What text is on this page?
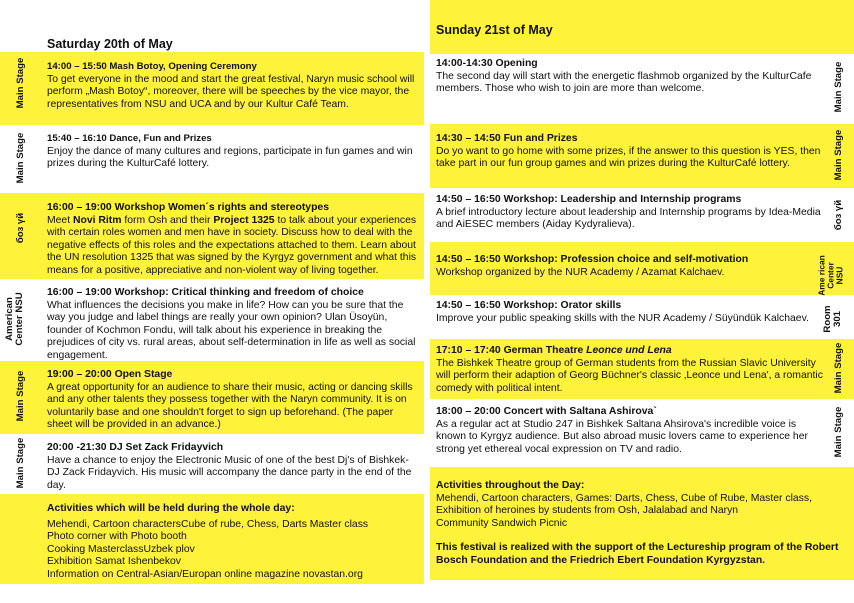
Saturday 20th of May
Main Stage 14:00 – 15:50 Mash Botoy, Opening Ceremony
To get everyone in the mood and start the great festival, Naryn music school will perform „Mash Botoy“, moreover, there will be speeches by the vice mayor, the representatives from NSU and UCA and by our Kultur Café Team.
Main Stage 15:40 – 16:10 Dance, Fun and Prizes
Enjoy the dance of many cultures and regions, participate in fun games and win prizes during the KulturCafé lottery.
боз үй
16:00 – 19:00 Workshop Women´s rights and stereotypes
Meet Novi Ritm form Osh and their Project 1325 to talk about your experiences with certain roles women and men have in society. Discuss how to deal with the negative effects of this roles and the expectations attached to them. Learn about the UN resolution 1325 that was signed by the Kyrgyz government and what this means for a positive, appreciative and non-violent way of living together.
American
Center NSU 16:00 – 19:00 Workshop: Critical thinking and freedom of choice
What influences the decisions you make in life? How can you be sure that the way you judge and label things are really your own opinion? Ulan Üsoyün, founder of Kochmon Fondu, will talk about his experience in breaking the prejudices of city vs. rural areas, about self-determination in life as well as social engagement.
Main Stage 19:00 – 20:00 Open Stage
A great opportunity for an audience to share their music, acting or dancing skills and any other talents they possess together with the Naryn community. It is on voluntarily base and one shouldn't forget to sign up beforehand. (The paper sheet will be provided in an advance.)
Main Stage 20:00 -21:30 DJ Set Zack Fridayvich
Have a chance to enjoy the Electronic Music of one of the best Dj's of Bishkek-DJ Zack Fridayvich. His music will accompany the dance party in the end of the day.

Activities which will be held during the whole day:

Mehendi, Cartoon charactersCube of rube, Chess, Darts Master class

Photo corner with Photo booth

Cooking MasterclassUzbek plov

Exhibition Samat Ishenbekov

Information on Central-Asian/Europan online magazine novastan.org

Sunday 21st of May
14:00-14:30 Opening
The second day will start with the energetic flashmob organized by the KulturCafe members. Those who wish to join are more than welcome.	Main Stage
14:30 – 14:50 Fun and Prizes
Do yo want to go home with some prizes, if the answer to this question is YES, then take part in our fun group games and win prizes during the KulturCafé lottery.	Main Stage
14:50 – 16:50 Workshop: Leadership and Internship programs
A brief introductory lecture about leadership and Internship programs by Idea-Media and AiESEC members (Aiday Kydyralieva).	боз үй
14:50 – 16:50 Workshop: Profession choice and self-motivation
Workshop organized by the NUR Academy / Azamat Kalchaev.	Ame rican
Center
NSU
14:50 – 16:50 Workshop: Orator skills
Improve your public speaking skills with the NUR Academy / Süyündük Kalchaev.	Room
301
17:10 – 17:40 German Theatre Leonce und Lena
The Bishkek Theatre group of German students from the Russian Slavic University will perform their adaption of Georg Büchner's classic ‚Leonce und Lena', a romantic comedy with political intent.	Main Stage
18:00 – 20:00 Concert with Saltana Ashirova`
As a regular act at Studio 247 in Bishkek Saltana Ahsirova's incredible voice is known to Kyrgyz audience. But also abroad music lovers came to experience her strong yet ethereal vocal expression on TV and radio.	Main Stage

Activities throughout the Day:

Mehendi, Cartoon characters, Games: Darts, Chess, Cube of Rube, Master class, Exhibition of heroines by students from Osh, Jalalabad and Naryn

Community Sandwich Picnic

This festival is realized with the support of the Lectureship program of the Robert Bosch Foundation and the Friedrich Ebert Foundation Kyrgyzstan.
